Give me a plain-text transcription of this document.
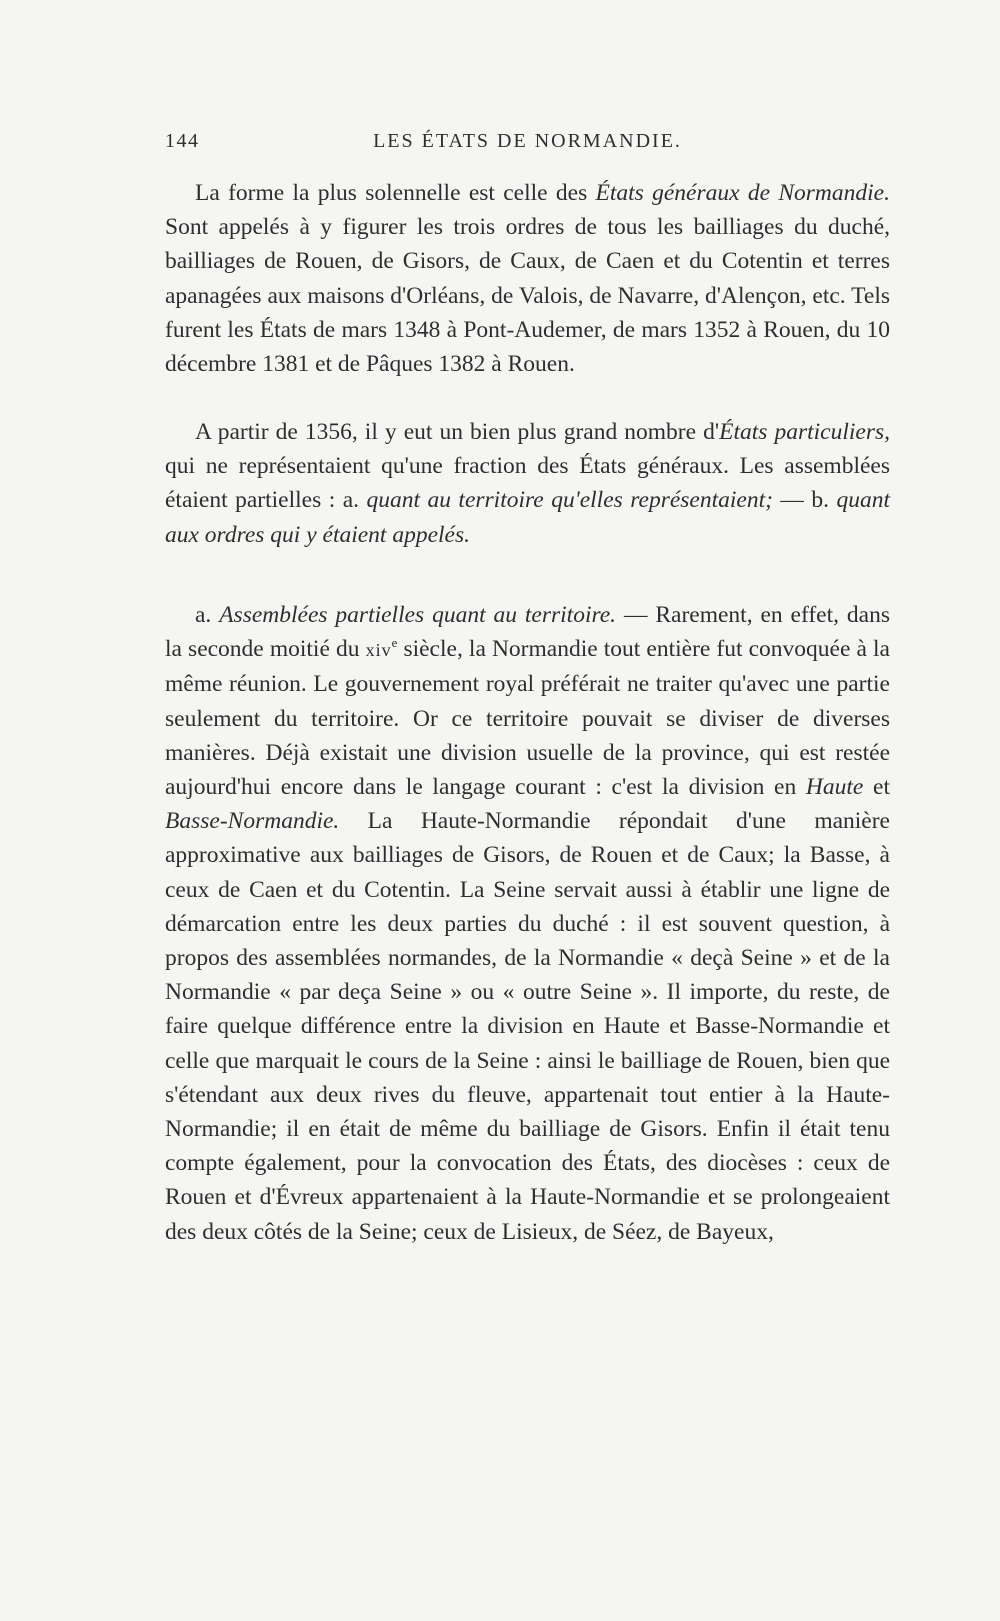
144	LES ÉTATS DE NORMANDIE.

La forme la plus solennelle est celle des États généraux de Normandie. Sont appelés à y figurer les trois ordres de tous les bailliages du duché, bailliages de Rouen, de Gisors, de Caux, de Caen et du Cotentin et terres apanagées aux maisons d'Orléans, de Valois, de Navarre, d'Alençon, etc. Tels furent les États de mars 1348 à Pont-Audemer, de mars 1352 à Rouen, du 10 décembre 1381 et de Pâques 1382 à Rouen.

A partir de 1356, il y eut un bien plus grand nombre d'États particuliers, qui ne représentaient qu'une fraction des États généraux. Les assemblées étaient partielles : a. quant au territoire qu'elles représentaient; — b. quant aux ordres qui y étaient appelés.

a. Assemblées partielles quant au territoire. — Rarement, en effet, dans la seconde moitié du xiv$^e$ siècle, la Normandie tout entière fut convoquée à la même réunion. Le gouvernement royal préférait ne traiter qu'avec une partie seulement du territoire. Or ce territoire pouvait se diviser de diverses manières. Déjà existait une division usuelle de la province, qui est restée aujourd'hui encore dans le langage courant : c'est la division en Haute et Basse-Normandie. La Haute-Normandie répondait d'une manière approximative aux bailliages de Gisors, de Rouen et de Caux; la Basse, à ceux de Caen et du Cotentin. La Seine servait aussi à établir une ligne de démarcation entre les deux parties du duché : il est souvent question, à propos des assemblées normandes, de la Normandie « deçà Seine » et de la Normandie « par deça Seine » ou « outre Seine ». Il importe, du reste, de faire quelque différence entre la division en Haute et Basse-Normandie et celle que marquait le cours de la Seine : ainsi le bailliage de Rouen, bien que s'étendant aux deux rives du fleuve, appartenait tout entier à la Haute-Normandie; il en était de même du bailliage de Gisors. Enfin il était tenu compte également, pour la convocation des États, des diocèses : ceux de Rouen et d'Évreux appartenaient à la Haute-Normandie et se prolongeaient des deux côtés de la Seine; ceux de Lisieux, de Séez, de Bayeux,
